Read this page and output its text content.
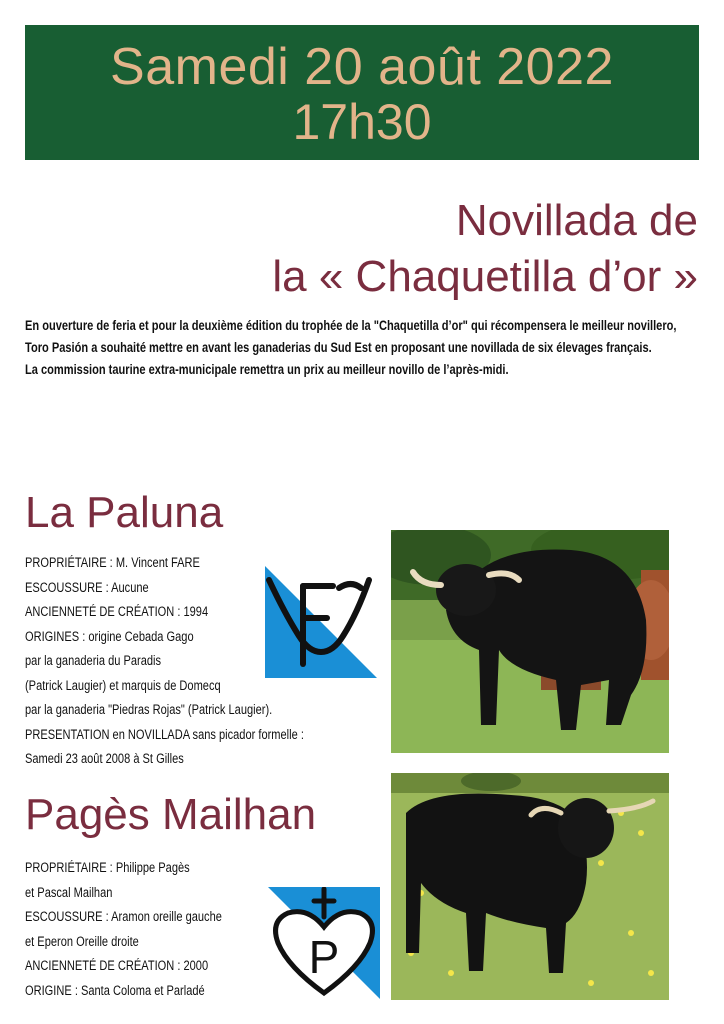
Samedi 20 août 2022
17h30
Novillada de
la « Chaquetilla d’or »

En ouverture de feria et pour la deuxième édition du trophée de la "Chaquetilla d’or" qui récompensera le meilleur novillero, Toro Pasión a souhaité mettre en avant les ganaderias du Sud Est en proposant une novillada de six élevages français.

La commission taurine extra-municipale remettra un prix au meilleur novillo de l’après-midi.

La Paluna
PROPRIÉTAIRE : M. Vincent FARE
ESCOUSSURE : Aucune
ANCIENNETÉ DE CRÉATION : 1994
ORIGINES : origine Cebada Gago
par la ganaderia du Paradis
(Patrick Laugier) et marquis de Domecq
par la ganaderia "Piedras Rojas" (Patrick Laugier).
PRESENTATION en NOVILLADA sans picador formelle :
Samedi 23 août 2008 à St Gilles
Pagès Mailhan
PROPRIÉTAIRE : Philippe Pagès
et Pascal Mailhan
ESCOUSSURE : Aramon oreille gauche
et Eperon Oreille droite
ANCIENNETÉ DE CRÉATION : 2000
ORIGINE : Santa Coloma et Parladé
P
